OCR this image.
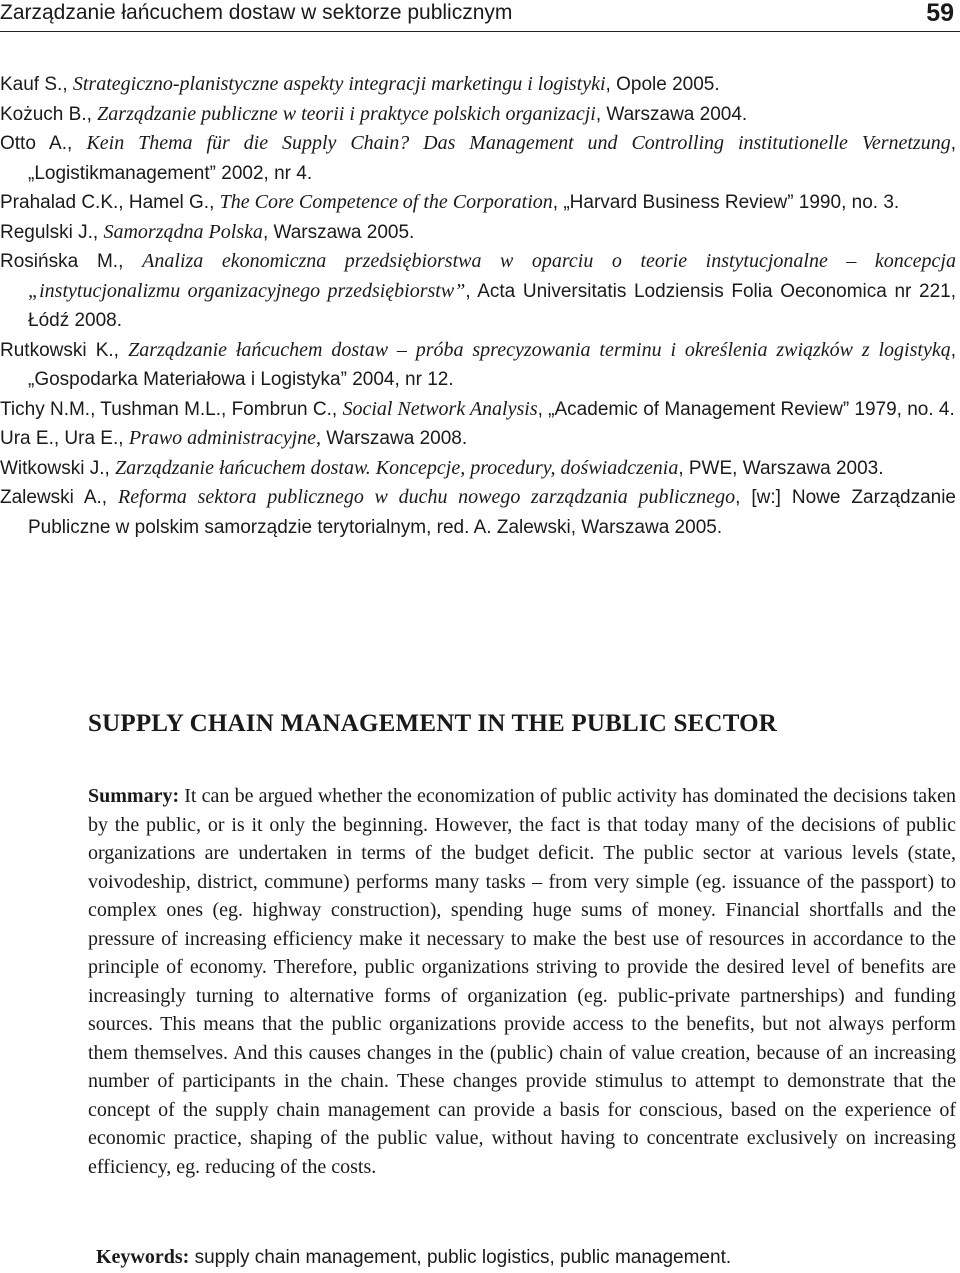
Zarządzanie łańcuchem dostaw w sektorze publicznym	59
Kauf S., Strategiczno-planistyczne aspekty integracji marketingu i logistyki, Opole 2005.
Kożuch B., Zarządzanie publiczne w teorii i praktyce polskich organizacji, Warszawa 2004.
Otto A., Kein Thema für die Supply Chain? Das Management und Controlling institutionelle Vernetzung, „Logistikmanagement” 2002, nr 4.
Prahalad C.K., Hamel G., The Core Competence of the Corporation, „Harvard Business Review” 1990, no. 3.
Regulski J., Samorządna Polska, Warszawa 2005.
Rosińska M., Analiza ekonomiczna przedsiębiorstwa w oparciu o teorie instytucjonalne – koncepcja „instytucjonalizmu organizacyjnego przedsiębiorstw”, Acta Universitatis Lodziensis Folia Oeconomica nr 221, Łódź 2008.
Rutkowski K., Zarządzanie łańcuchem dostaw – próba sprecyzowania terminu i określenia związków z logistyką, „Gospodarka Materiałowa i Logistyka” 2004, nr 12.
Tichy N.M., Tushman M.L., Fombrun C., Social Network Analysis, „Academic of Management Review” 1979, no. 4.
Ura E., Ura E., Prawo administracyjne, Warszawa 2008.
Witkowski J., Zarządzanie łańcuchem dostaw. Koncepcje, procedury, doświadczenia, PWE, Warszawa 2003.
Zalewski A., Reforma sektora publicznego w duchu nowego zarządzania publicznego, [w:] Nowe Zarządzanie Publiczne w polskim samorządzie terytorialnym, red. A. Zalewski, Warszawa 2005.
SUPPLY CHAIN MANAGEMENT IN THE PUBLIC SECTOR

Summary: It can be argued whether the economization of public activity has dominated the decisions taken by the public, or is it only the beginning. However, the fact is that today many of the decisions of public organizations are undertaken in terms of the budget deficit. The public sector at various levels (state, voivodeship, district, commune) performs many tasks – from very simple (eg. issuance of the passport) to complex ones (eg. highway construction), spending huge sums of money. Financial shortfalls and the pressure of increasing efficiency make it necessary to make the best use of resources in accordance to the principle of economy. Therefore, public organizations striving to provide the desired level of benefits are increasingly turning to alternative forms of organization (eg. public-private partnerships) and funding sources. This means that the public organizations provide access to the benefits, but not always perform them themselves. And this causes changes in the (public) chain of value creation, because of an increasing number of participants in the chain. These changes provide stimulus to attempt to demonstrate that the concept of the supply chain management can provide a basis for conscious, based on the experience of economic practice, shaping of the public value, without having to concentrate exclusively on increasing efficiency, eg. reducing of the costs.

Keywords: supply chain management, public logistics, public management.
